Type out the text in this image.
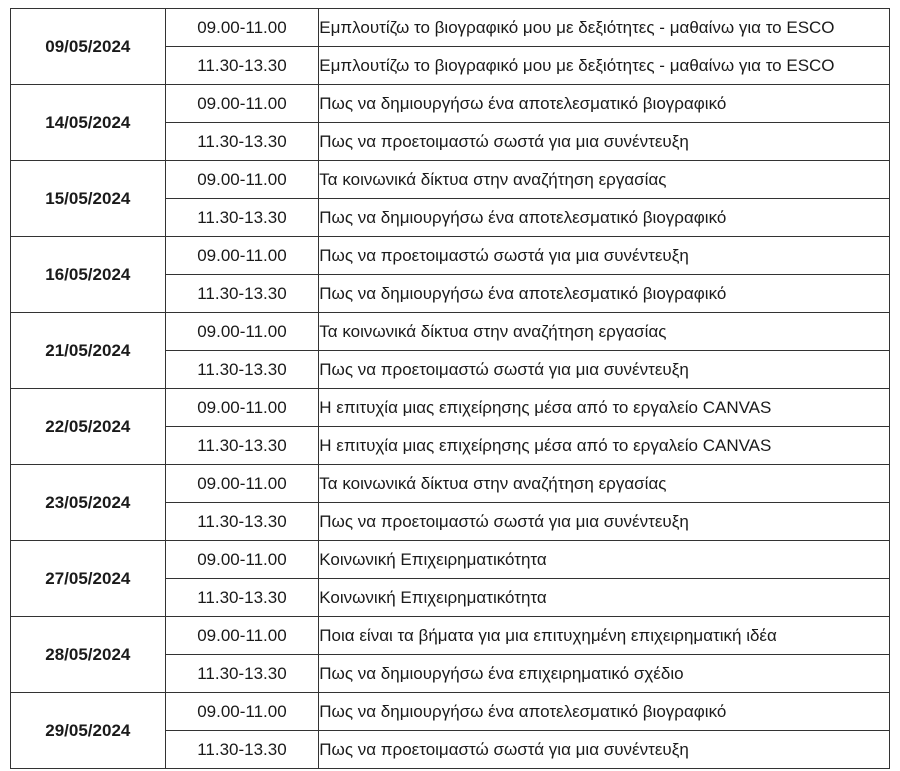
09/05/2024	09.00-11.00	Εμπλουτίζω το βιογραφικό μου με δεξιότητες - μαθαίνω για το ESCO
	11.30-13.30	Εμπλουτίζω το βιογραφικό μου με δεξιότητες - μαθαίνω για το ESCO
14/05/2024	09.00-11.00	Πως να δημιουργήσω ένα αποτελεσματικό βιογραφικό
	11.30-13.30	Πως να προετοιμαστώ σωστά για μια συνέντευξη
15/05/2024	09.00-11.00	Τα κοινωνικά δίκτυα στην αναζήτηση εργασίας
	11.30-13.30	Πως να δημιουργήσω ένα αποτελεσματικό βιογραφικό
16/05/2024	09.00-11.00	Πως να προετοιμαστώ σωστά για μια συνέντευξη
	11.30-13.30	Πως να δημιουργήσω ένα αποτελεσματικό βιογραφικό
21/05/2024	09.00-11.00	Τα κοινωνικά δίκτυα στην αναζήτηση εργασίας
	11.30-13.30	Πως να προετοιμαστώ σωστά για μια συνέντευξη
22/05/2024	09.00-11.00	Η επιτυχία μιας επιχείρησης μέσα από το εργαλείο CANVAS
	11.30-13.30	Η επιτυχία μιας επιχείρησης μέσα από το εργαλείο CANVAS
23/05/2024	09.00-11.00	Τα κοινωνικά δίκτυα στην αναζήτηση εργασίας
	11.30-13.30	Πως να προετοιμαστώ σωστά για μια συνέντευξη
27/05/2024	09.00-11.00	Κοινωνική Επιχειρηματικότητα
	11.30-13.30	Κοινωνική Επιχειρηματικότητα
28/05/2024	09.00-11.00	Ποια είναι τα βήματα για μια επιτυχημένη επιχειρηματική ιδέα
	11.30-13.30	Πως να δημιουργήσω ένα επιχειρηματικό σχέδιο
29/05/2024	09.00-11.00	Πως να δημιουργήσω ένα αποτελεσματικό βιογραφικό
	11.30-13.30	Πως να προετοιμαστώ σωστά για μια συνέντευξη
